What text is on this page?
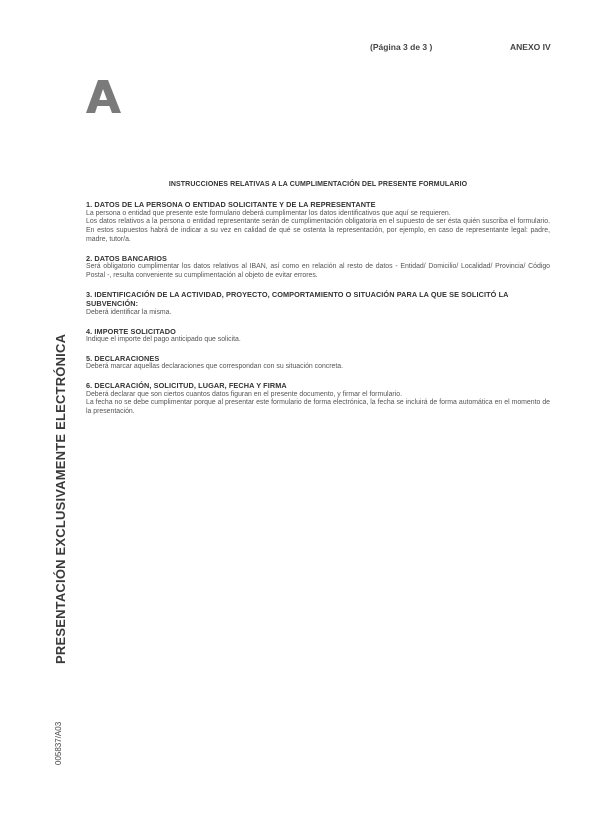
(Página 3 de 3 )	ANEXO IV
INSTRUCCIONES RELATIVAS A LA CUMPLIMENTACIÓN DEL PRESENTE FORMULARIO
1. DATOS DE LA PERSONA O ENTIDAD SOLICITANTE Y DE LA REPRESENTANTE

La persona o entidad que presente este formulario deberá cumplimentar los datos identificativos que aquí se requieren.

Los datos relativos a la persona o entidad representante serán de cumplimentación obligatoria en el supuesto de ser ésta quién suscriba el formulario. En estos supuestos habrá de indicar a su vez en calidad de qué se ostenta la representación, por ejemplo, en caso de representante legal: padre, madre, tutor/a.

2. DATOS BANCARIOS

Será obligatorio cumplimentar los datos relativos al IBAN, así como en relación al resto de datos - Entidad/ Domicilio/ Localidad/ Provincia/ Código Postal -, resulta conveniente su cumplimentación al objeto de evitar errores.

3. IDENTIFICACIÓN DE LA ACTIVIDAD, PROYECTO, COMPORTAMIENTO O SITUACIÓN PARA LA QUE SE SOLICITÓ LA SUBVENCIÓN:

Deberá identificar la misma.

4. IMPORTE SOLICITADO

Indique el importe del pago anticipado que solicita.

5. DECLARACIONES

Deberá marcar aquellas declaraciones que correspondan con su situación concreta.

6. DECLARACIÓN, SOLICITUD, LUGAR, FECHA Y FIRMA

Deberá declarar que son ciertos cuantos datos figuran en el presente documento, y firmar el formulario.

La fecha no se debe cumplimentar porque al presentar este formulario de forma electrónica, la fecha se incluirá de forma automática en el momento de la presentación.

PRESENTACIÓN EXCLUSIVAMENTE ELECTRÓNICA
005837/A03
